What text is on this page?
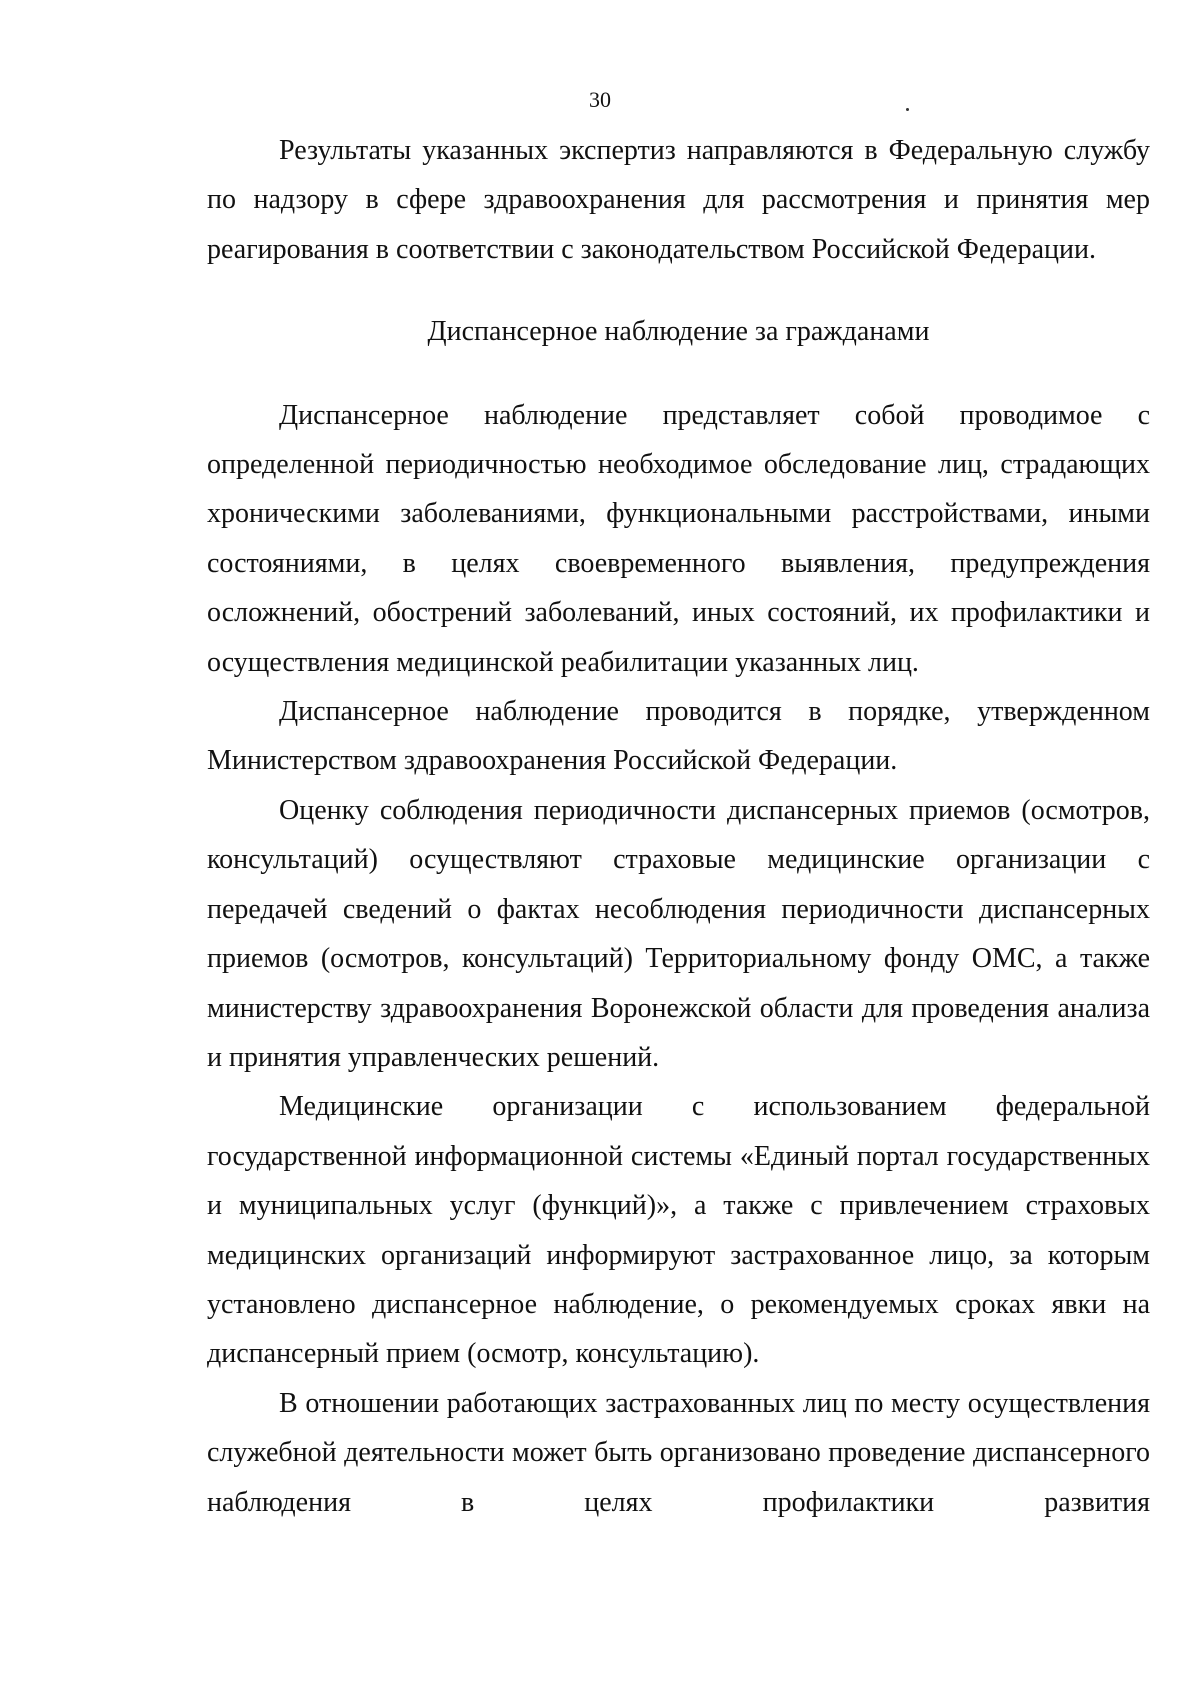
30

Результаты указанных экспертиз направляются в Федеральную службу по надзору в сфере здравоохранения для рассмотрения и принятия мер реагирования в соответствии с законодательством Российской Федерации.

Диспансерное наблюдение за гражданами

Диспансерное наблюдение представляет собой проводимое с определенной периодичностью необходимое обследование лиц, страдающих хроническими заболеваниями, функциональными расстройствами, иными состояниями, в целях своевременного выявления, предупреждения осложнений, обострений заболеваний, иных состояний, их профилактики и осуществления медицинской реабилитации указанных лиц.

Диспансерное наблюдение проводится в порядке, утвержденном Министерством здравоохранения Российской Федерации.

Оценку соблюдения периодичности диспансерных приемов (осмотров, консультаций) осуществляют страховые медицинские организации с передачей сведений о фактах несоблюдения периодичности диспансерных приемов (осмотров, консультаций) Территориальному фонду ОМС, а также министерству здравоохранения Воронежской области для проведения анализа и принятия управленческих решений.

Медицинские организации с использованием федеральной государственной информационной системы «Единый портал государственных и муниципальных услуг (функций)», а также с привлечением страховых медицинских организаций информируют застрахованное лицо, за которым установлено диспансерное наблюдение, о рекомендуемых сроках явки на диспансерный прием (осмотр, консультацию).

В отношении работающих застрахованных лиц по месту осуществления служебной деятельности может быть организовано проведение диспансерного наблюдения в целях профилактики развития
